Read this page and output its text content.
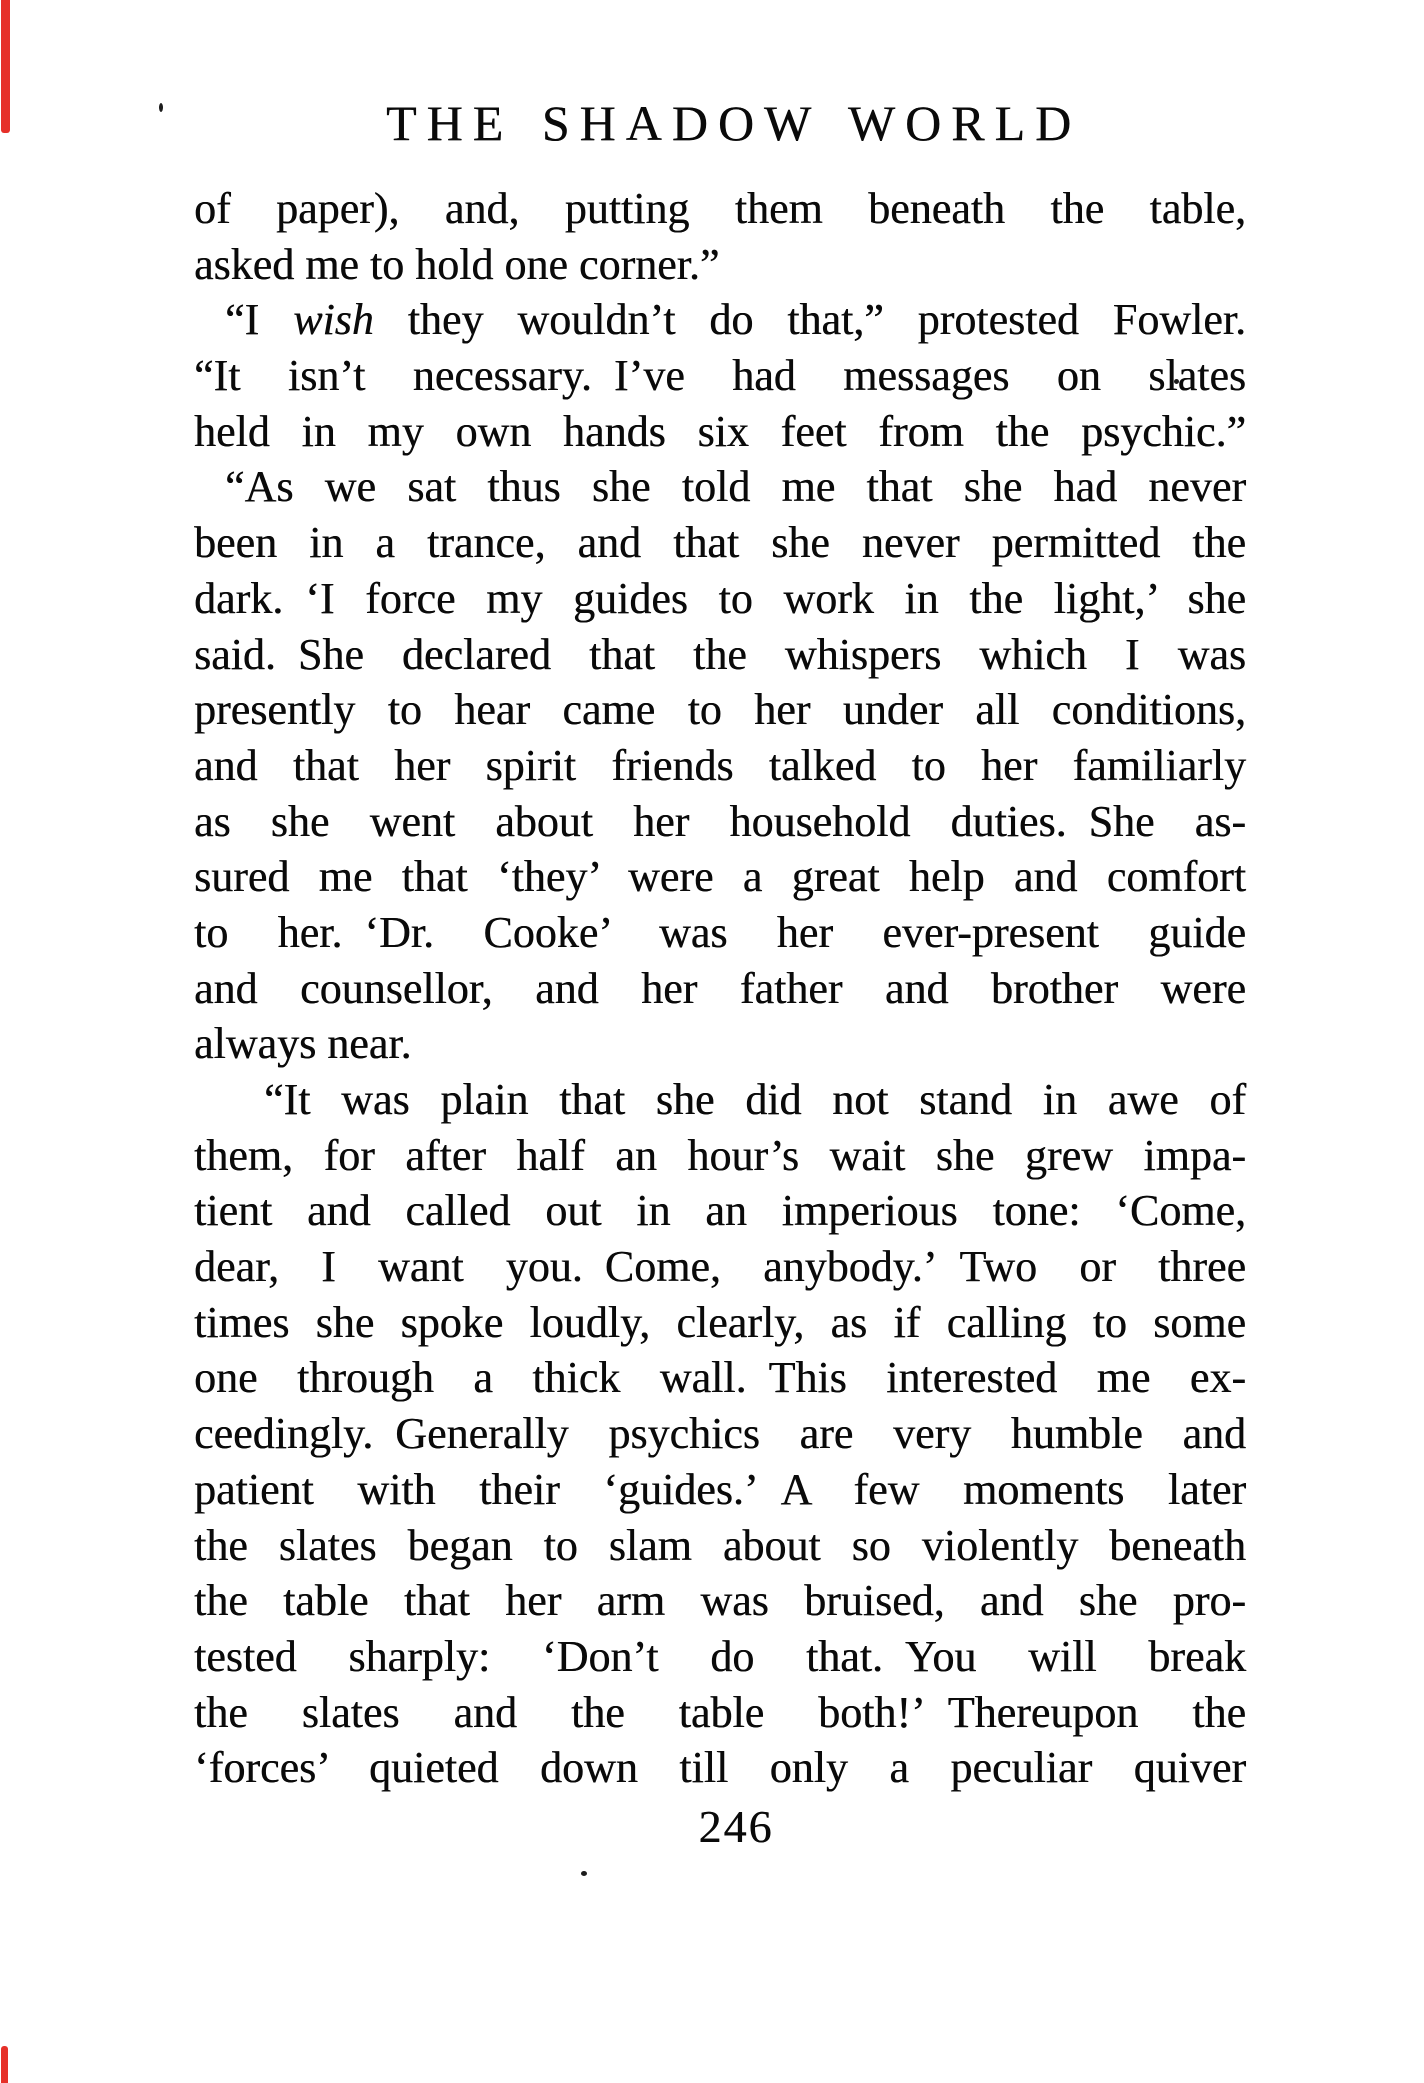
THE SHADOW WORLD
of paper), and, putting them beneath the table,
asked me to hold one corner.”
“I wish they wouldn’t do that,” protested Fowler.
“It isn’t necessary. I’ve had messages on slates
held in my own hands six feet from the psychic.”
“As we sat thus she told me that she had never
been in a trance, and that she never permitted the
dark. ‘I force my guides to work in the light,’ she
said. She declared that the whispers which I was
presently to hear came to her under all conditions,
and that her spirit friends talked to her familiarly
as she went about her household duties. She as-
sured me that ‘they’ were a great help and comfort
to her. ‘Dr. Cooke’ was her ever-present guide
and counsellor, and her father and brother were
always near.
“It was plain that she did not stand in awe of
them, for after half an hour’s wait she grew impa-
tient and called out in an imperious tone: ‘Come,
dear, I want you. Come, anybody.’ Two or three
times she spoke loudly, clearly, as if calling to some
one through a thick wall. This interested me ex-
ceedingly. Generally psychics are very humble and
patient with their ‘guides.’ A few moments later
the slates began to slam about so violently beneath
the table that her arm was bruised, and she pro-
tested sharply: ‘Don’t do that. You will break
the slates and the table both!’ Thereupon the
‘forces’ quieted down till only a peculiar quiver
246
